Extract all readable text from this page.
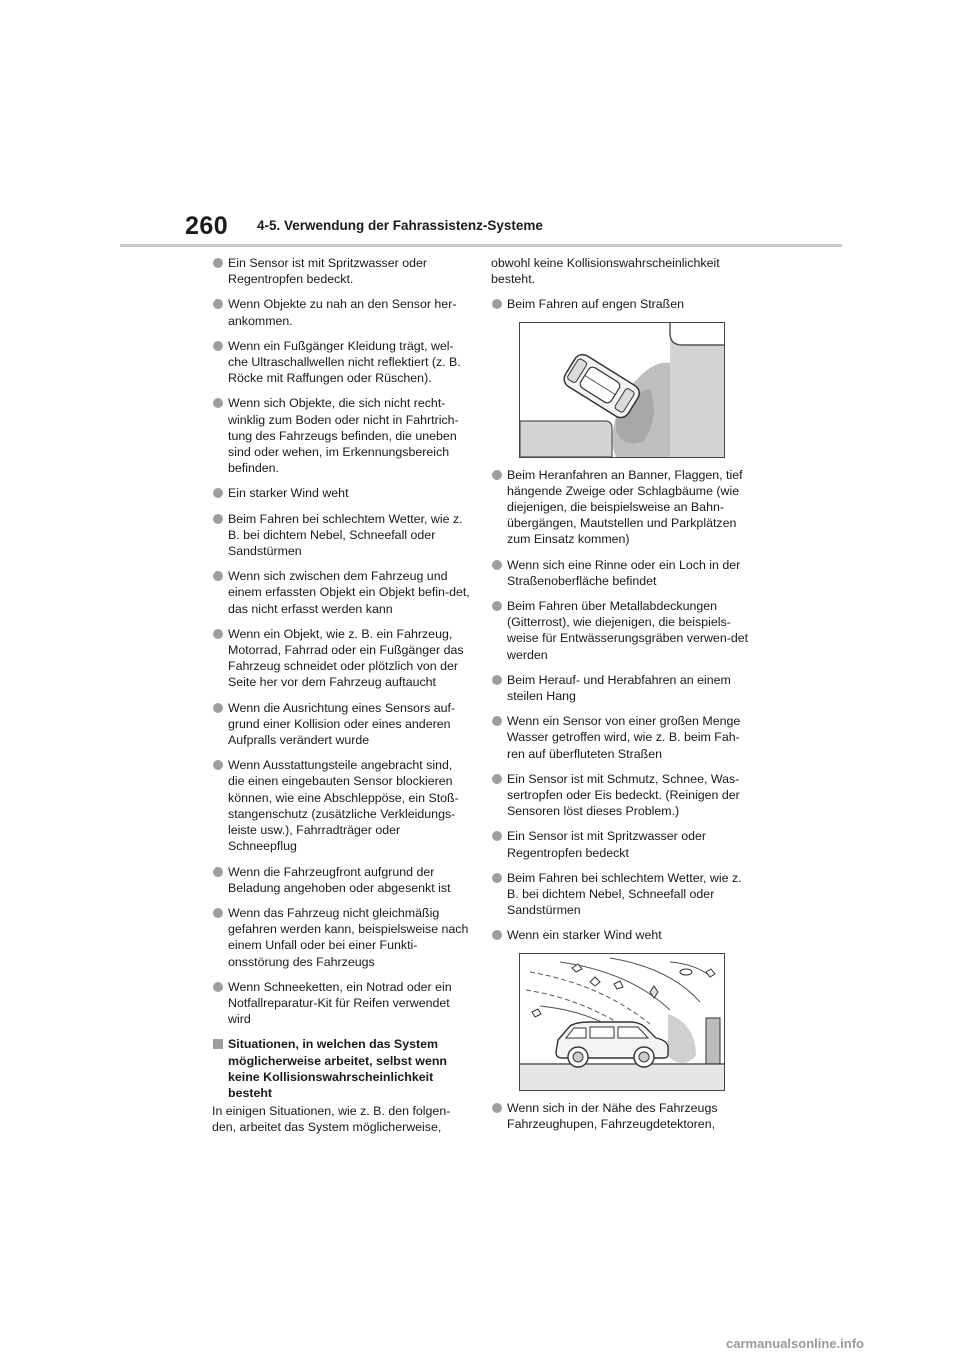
260 4-5. Verwendung der Fahrassistenz-Systeme
Ein Sensor ist mit Spritzwasser oder Regentropfen bedeckt.
Wenn Objekte zu nah an den Sensor her-ankommen.
Wenn ein Fußgänger Kleidung trägt, wel-che Ultraschallwellen nicht reflektiert (z. B. Röcke mit Raffungen oder Rüschen).
Wenn sich Objekte, die sich nicht recht-winklig zum Boden oder nicht in Fahrtrich-tung des Fahrzeugs befinden, die uneben sind oder wehen, im Erkennungsbereich befinden.
Ein starker Wind weht
Beim Fahren bei schlechtem Wetter, wie z. B. bei dichtem Nebel, Schneefall oder Sandstürmen
Wenn sich zwischen dem Fahrzeug und einem erfassten Objekt ein Objekt befin-det, das nicht erfasst werden kann
Wenn ein Objekt, wie z. B. ein Fahrzeug, Motorrad, Fahrrad oder ein Fußgänger das Fahrzeug schneidet oder plötzlich von der Seite her vor dem Fahrzeug auftaucht
Wenn die Ausrichtung eines Sensors auf-grund einer Kollision oder eines anderen Aufpralls verändert wurde
Wenn Ausstattungsteile angebracht sind, die einen eingebauten Sensor blockieren können, wie eine Abschleppöse, ein Stoß-stangenschutz (zusätzliche Verkleidungs-leiste usw.), Fahrradträger oder Schneepflug
Wenn die Fahrzeugfront aufgrund der Beladung angehoben oder abgesenkt ist
Wenn das Fahrzeug nicht gleichmäßig gefahren werden kann, beispielsweise nach einem Unfall oder bei einer Funkti-onsstörung des Fahrzeugs
Wenn Schneeketten, ein Notrad oder ein Notfallreparatur-Kit für Reifen verwendet wird
Situationen, in welchen das System möglicherweise arbeitet, selbst wenn keine Kollisionswahrscheinlichkeit besteht
In einigen Situationen, wie z. B. den folgen-den, arbeitet das System möglicherweise,
obwohl keine Kollisionswahrscheinlichkeit besteht.
Beim Fahren auf engen Straßen
Beim Heranfahren an Banner, Flaggen, tief hängende Zweige oder Schlagbäume (wie diejenigen, die beispielsweise an Bahn-übergängen, Mautstellen und Parkplätzen zum Einsatz kommen)
Wenn sich eine Rinne oder ein Loch in der Straßenoberfläche befindet
Beim Fahren über Metallabdeckungen (Gitterrost), wie diejenigen, die beispiels-weise für Entwässerungsgräben verwen-det werden
Beim Herauf- und Herabfahren an einem steilen Hang
Wenn ein Sensor von einer großen Menge Wasser getroffen wird, wie z. B. beim Fah-ren auf überfluteten Straßen
Ein Sensor ist mit Schmutz, Schnee, Was-sertropfen oder Eis bedeckt. (Reinigen der Sensoren löst dieses Problem.)
Ein Sensor ist mit Spritzwasser oder Regentropfen bedeckt
Beim Fahren bei schlechtem Wetter, wie z. B. bei dichtem Nebel, Schneefall oder Sandstürmen
Wenn ein starker Wind weht
Wenn sich in der Nähe des Fahrzeugs Fahrzeughupen, Fahrzeugdetektoren,
carmanualsonline.info
